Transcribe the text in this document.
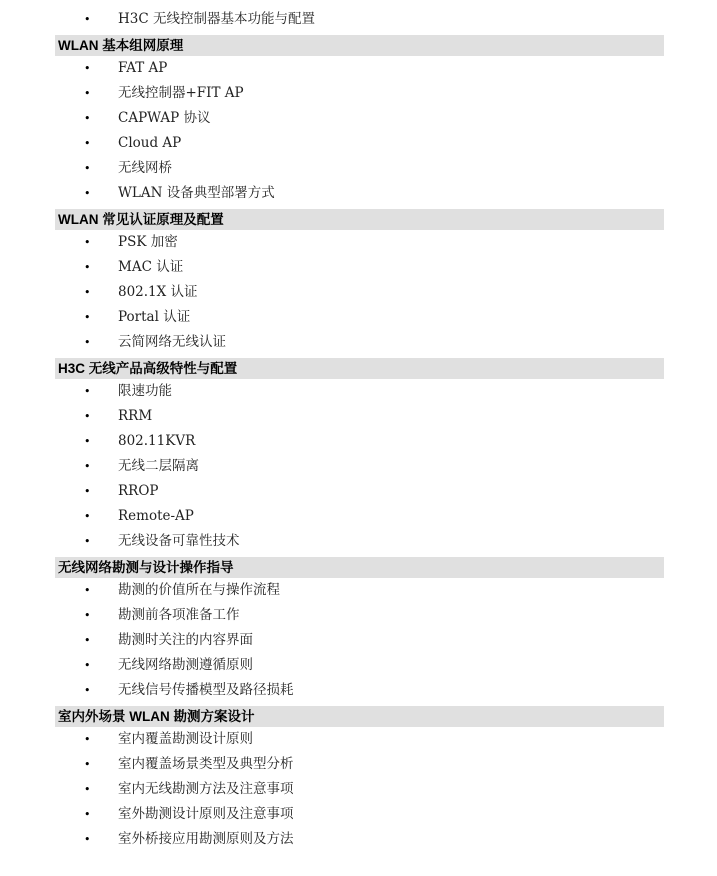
• H3C 无线控制器基本功能与配置
WLAN 基本组网原理
• FAT AP
• 无线控制器+FIT AP
• CAPWAP 协议
• Cloud AP
• 无线网桥
• WLAN 设备典型部署方式
WLAN 常见认证原理及配置
• PSK 加密
• MAC 认证
• 802.1X 认证
• Portal 认证
• 云简网络无线认证
H3C 无线产品高级特性与配置
• 限速功能
• RRM
• 802.11KVR
• 无线二层隔离
• RROP
• Remote-AP
• 无线设备可靠性技术
无线网络勘测与设计操作指导
• 勘测的价值所在与操作流程
• 勘测前各项准备工作
• 勘测时关注的内容界面
• 无线网络勘测遵循原则
• 无线信号传播模型及路径损耗
室内外场景 WLAN 勘测方案设计
• 室内覆盖勘测设计原则
• 室内覆盖场景类型及典型分析
• 室内无线勘测方法及注意事项
• 室外勘测设计原则及注意事项
• 室外桥接应用勘测原则及方法
